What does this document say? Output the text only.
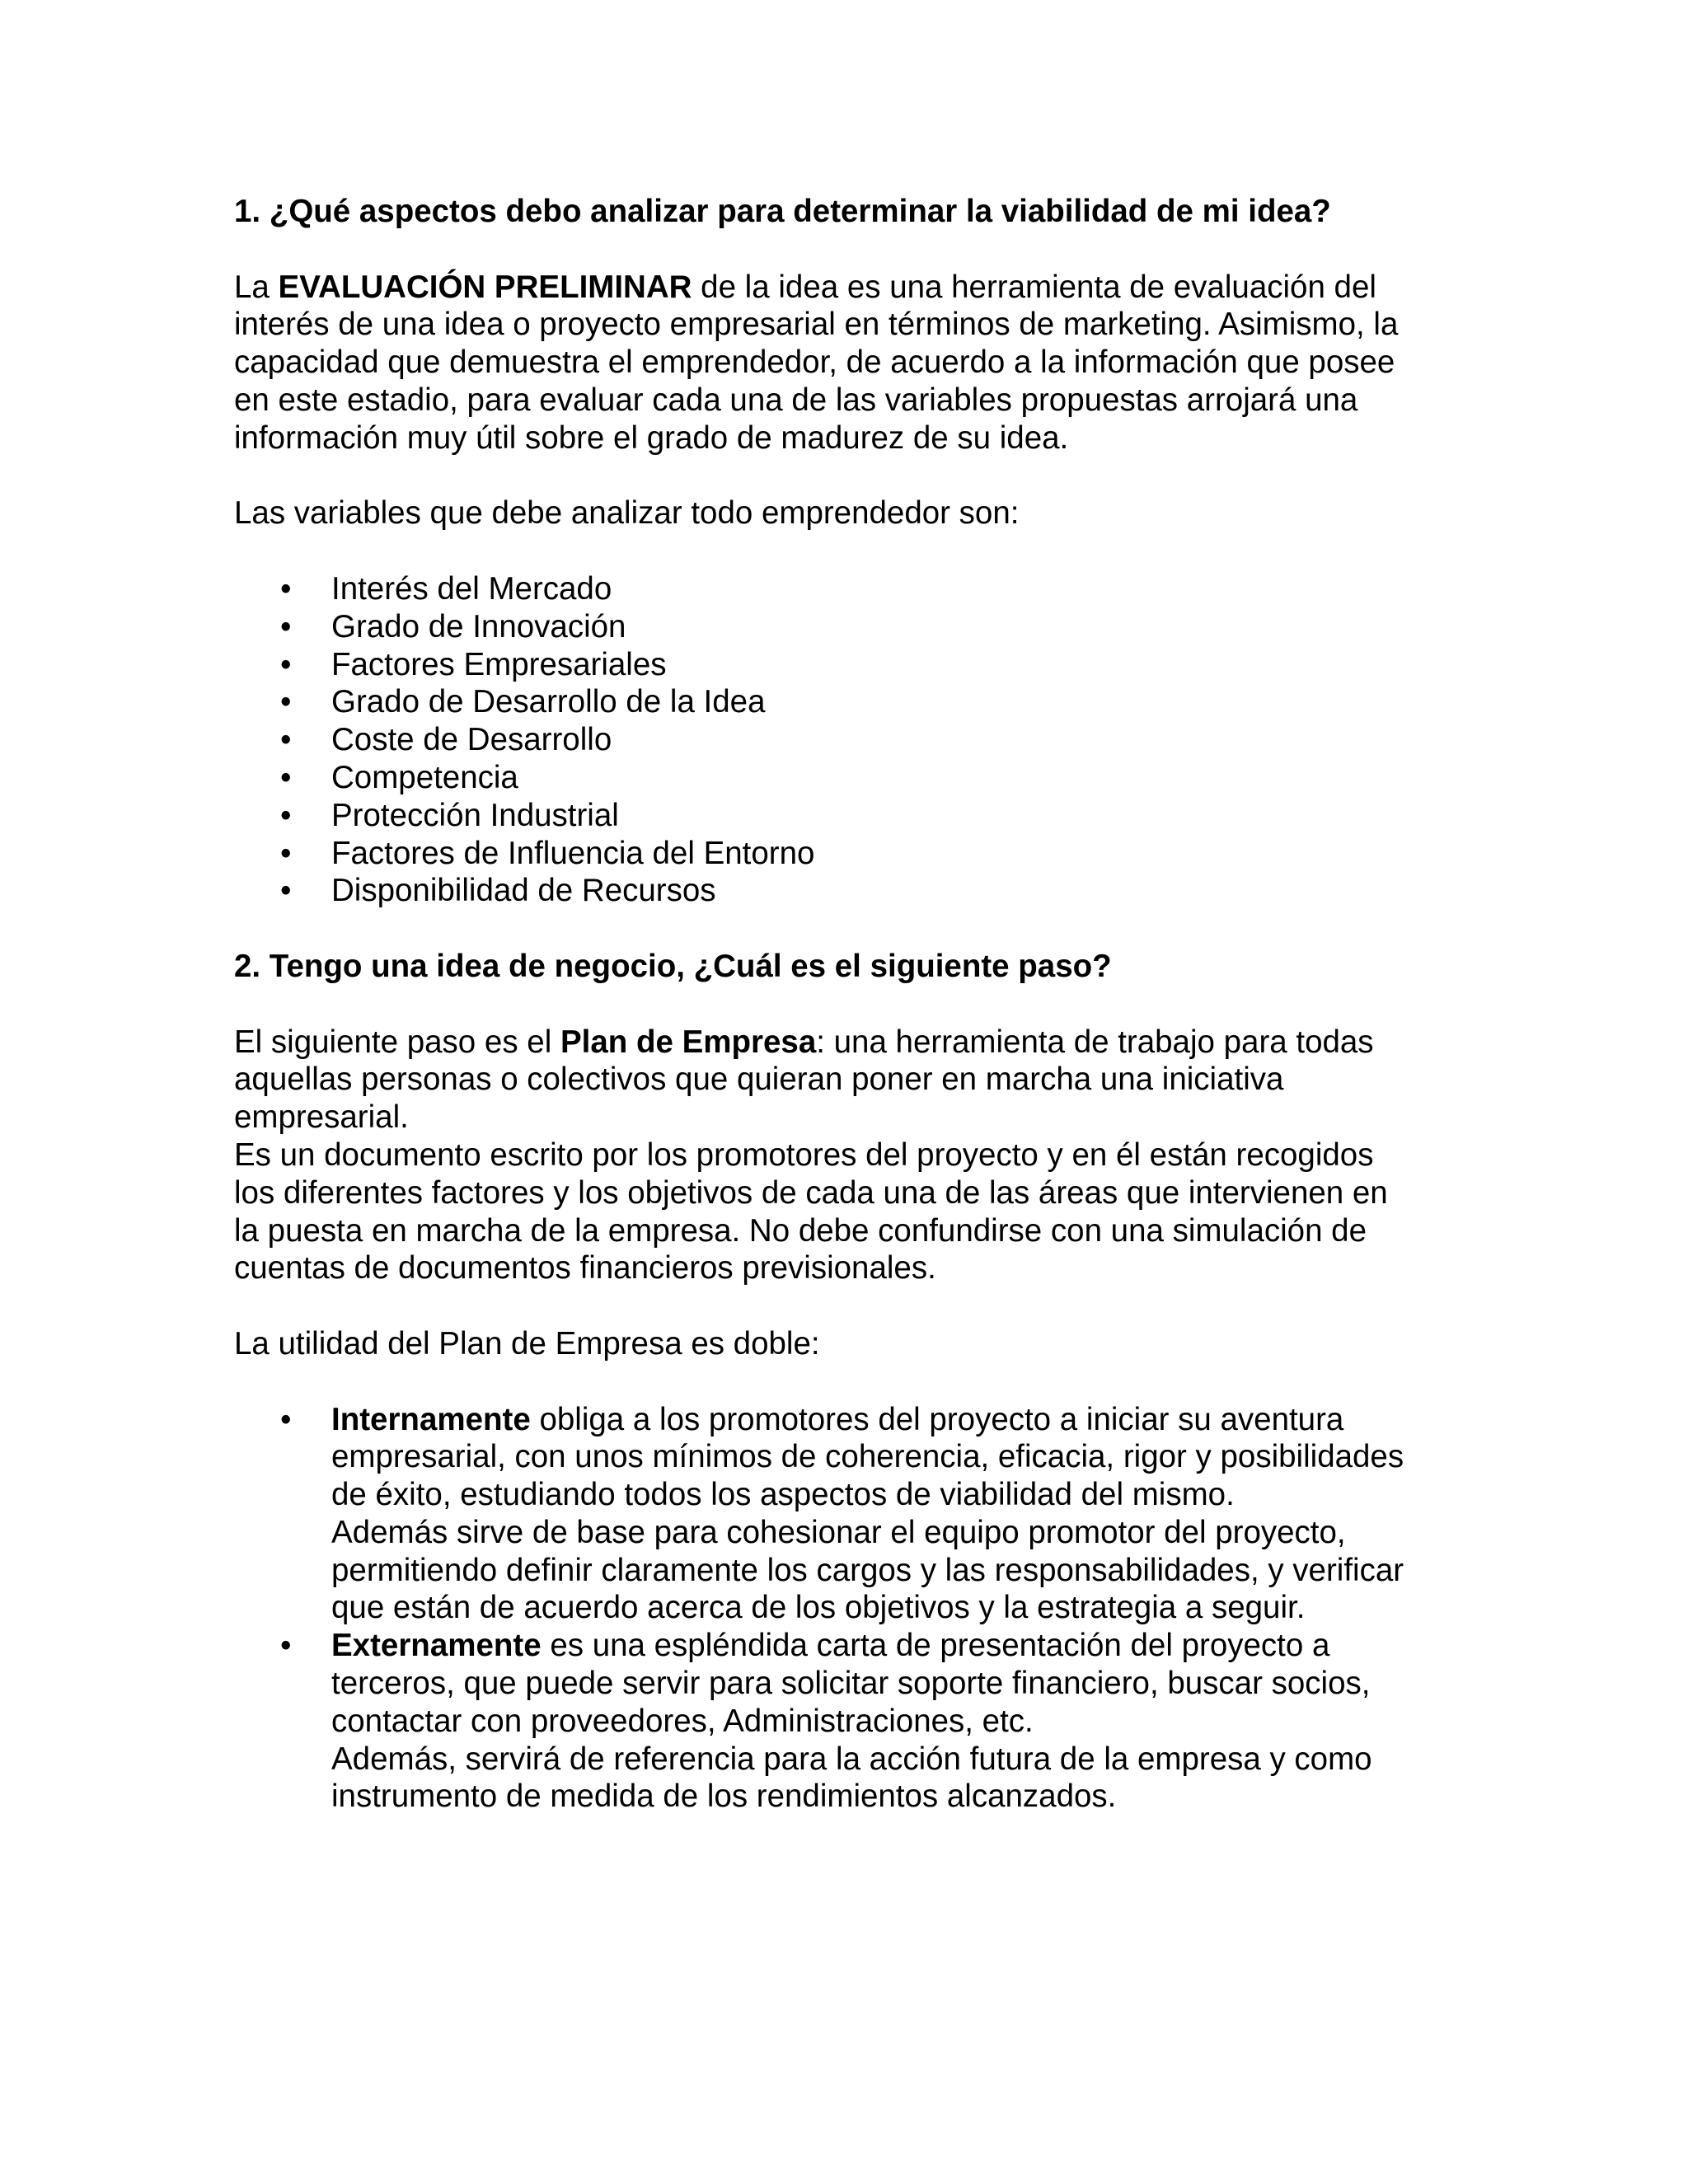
1. ¿Qué aspectos debo analizar para determinar la viabilidad de mi idea?

La EVALUACIÓN PRELIMINAR de la idea es una herramienta de evaluación del

interés de una idea o proyecto empresarial en términos de marketing. Asimismo, la

capacidad que demuestra el emprendedor, de acuerdo a la información que posee

en este estadio, para evaluar cada una de las variables propuestas arrojará una

información muy útil sobre el grado de madurez de su idea.

Las variables que debe analizar todo emprendedor son:

• Interés del Mercado
• Grado de Innovación
• Factores Empresariales
• Grado de Desarrollo de la Idea
• Coste de Desarrollo
• Competencia
• Protección Industrial
• Factores de Influencia del Entorno
• Disponibilidad de Recursos

2. Tengo una idea de negocio, ¿Cuál es el siguiente paso?

El siguiente paso es el Plan de Empresa: una herramienta de trabajo para todas

aquellas personas o colectivos que quieran poner en marcha una iniciativa

empresarial.

Es un documento escrito por los promotores del proyecto y en él están recogidos

los diferentes factores y los objetivos de cada una de las áreas que intervienen en

la puesta en marcha de la empresa. No debe confundirse con una simulación de

cuentas de documentos financieros previsionales.

La utilidad del Plan de Empresa es doble:

• Internamente obliga a los promotores del proyecto a iniciar su aventura
empresarial, con unos mínimos de coherencia, eficacia, rigor y posibilidades
de éxito, estudiando todos los aspectos de viabilidad del mismo.
Además sirve de base para cohesionar el equipo promotor del proyecto,
permitiendo definir claramente los cargos y las responsabilidades, y verificar
que están de acuerdo acerca de los objetivos y la estrategia a seguir.
• Externamente es una espléndida carta de presentación del proyecto a
terceros, que puede servir para solicitar soporte financiero, buscar socios,
contactar con proveedores, Administraciones, etc.
Además, servirá de referencia para la acción futura de la empresa y como
instrumento de medida de los rendimientos alcanzados.
